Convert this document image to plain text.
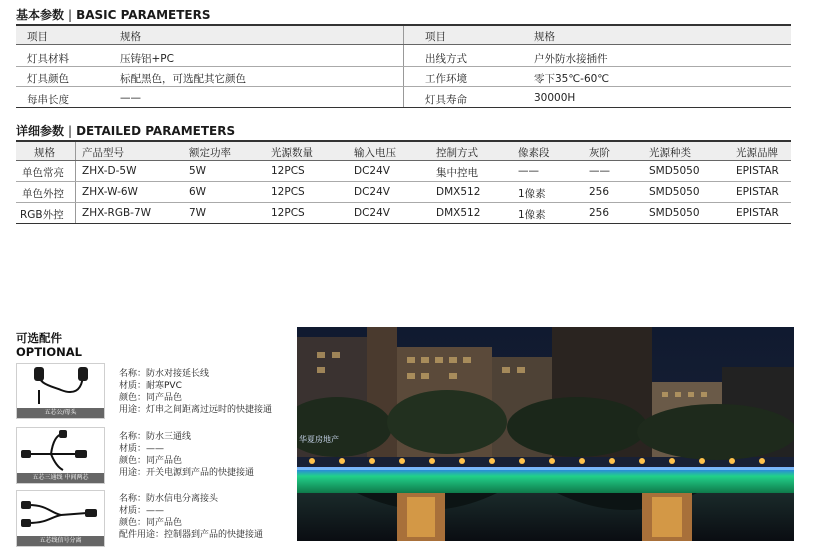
基本参数 | BASIC PARAMETERS
项目	规格	项目	规格
灯具材料	压铸铝+PC	出线方式	户外防水接插件
灯具颜色	标配黑色，可选配其它颜色	工作环境	零下35℃-60℃
每串长度	——	灯具寿命	30000H
详细参数 | DETAILED PARAMETERS
规格	产品型号	额定功率	光源数量	输入电压	控制方式	像素段	灰阶	光源种类	光源品牌
单色常亮 ZHX-D-5W	5W	12PCS	DC24V	集中控电	——	——	SMD5050	EPISTAR
单色外控 ZHX-W-6W	6W	12PCS	DC24V	DMX512	1像素	256	SMD5050	EPISTAR
RGB外控 ZHX-RGB-7W	7W	12PCS	DC24V	DMX512	1像素	256	SMD5050	EPISTAR
可选配件
OPTIONAL
五芯公/母头
名称：防水对接延长线
材质：耐寒PVC
颜色：同产品色
用途：灯串之间距离过远时的快捷接通
五芯三通线 中间两芯
名称：防水三通线
材质：——
颜色：同产品色
用途：开关电源到产品的快捷接通
五芯线信号分离
名称：防水信电分离接头
材质：——
颜色：同产品色
配件用途：控制器到产品的快捷接通
华夏房地产
